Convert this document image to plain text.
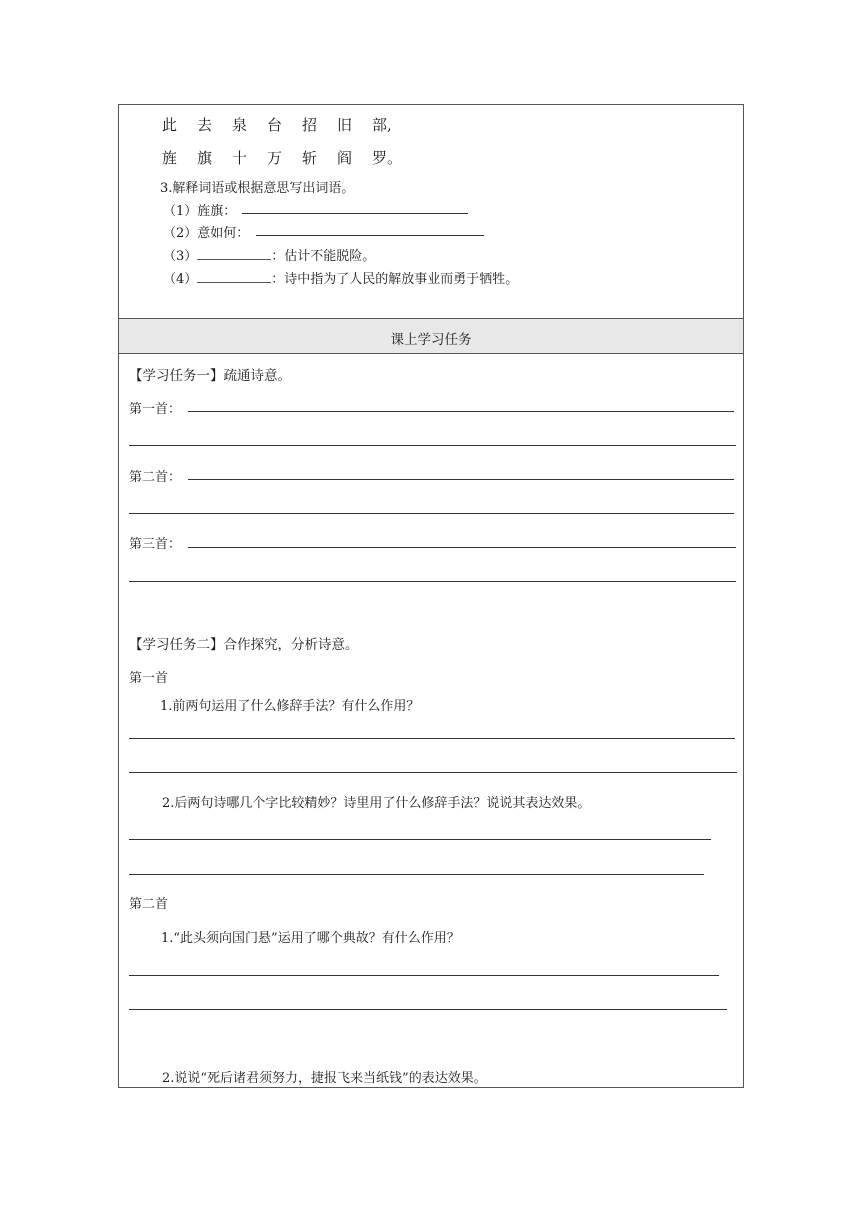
此 去 泉 台 招 旧 部,
旌 旗 十 万 斩 阎 罗。
3.解释词语或根据意思写出词语。
（1）旌旗：
（2）意如何：
（3）	：估计不能脱险。
（4）	：诗中指为了人民的解放事业而勇于牺牲。
课上学习任务
【学习任务一】疏通诗意。
第一首：
第二首：
第三首：
【学习任务二】合作探究，分析诗意。
第一首
1.前两句运用了什么修辞手法？有什么作用？
2.后两句诗哪几个字比较精妙？诗里用了什么修辞手法？说说其表达效果。
第二首
1.“此头须向国门悬”运用了哪个典故？有什么作用？
2.说说“死后诸君须努力，捷报飞来当纸钱”的表达效果。
